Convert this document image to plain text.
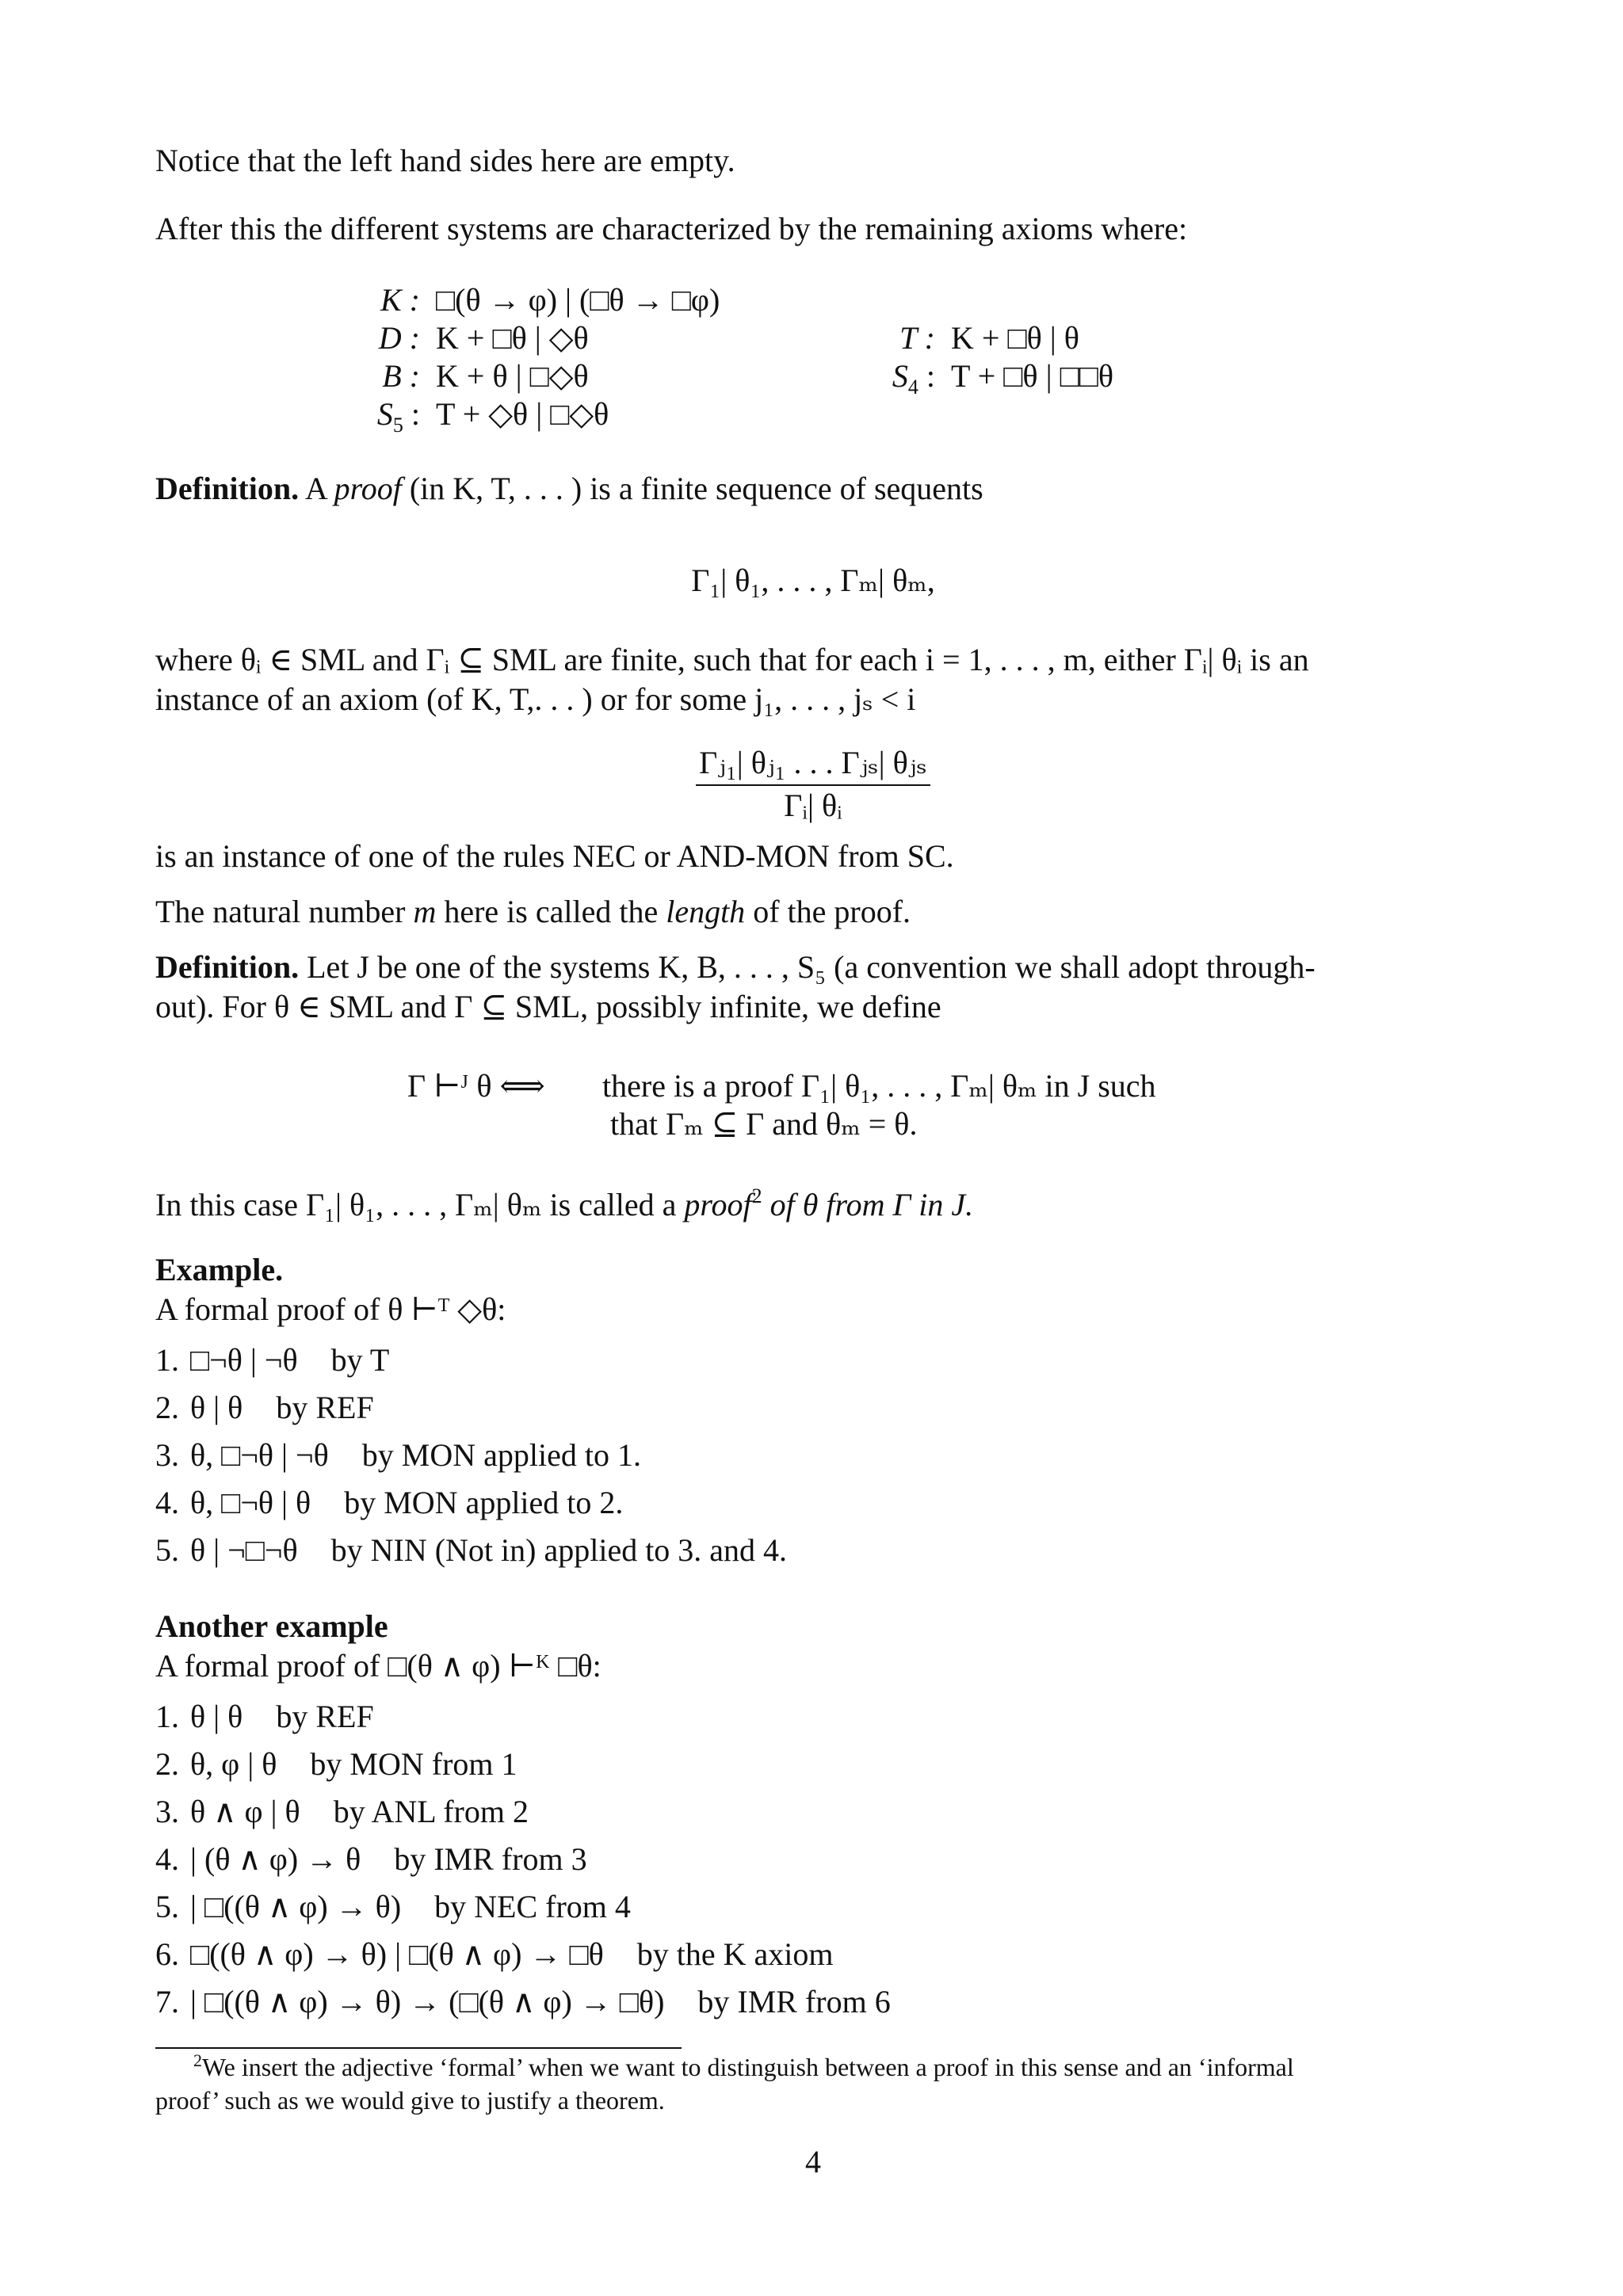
Notice that the left hand sides here are empty.

After this the different systems are characterized by the remaining axioms where:

K : □(θ → φ) | (□θ → □φ)
D : K + □θ | ◇θ
B : K + θ | □◇θ
$S_5$ : T + ◇θ | □◇θ
T : K + □θ | θ
$S_4$ : T + □θ | □□θ

Definition. A proof (in K, T, . . . ) is a finite sequence of sequents

Γ₁| θ₁, . . . , Γₘ| θₘ,

where θᵢ ∈ SML and Γᵢ ⊆ SML are finite, such that for each i = 1, . . . , m, either Γᵢ| θᵢ is an

instance of an axiom (of K, T,. . . ) or for some j₁, . . . , jₛ < i

Γⱼ₁| θⱼ₁ . . . Γⱼₛ| θⱼₛ
Γᵢ| θᵢ

is an instance of one of the rules NEC or AND-MON from SC.

The natural number m here is called the length of the proof.

Definition. Let J be one of the systems K, B, . . . , S₅ (a convention we shall adopt through-

out). For θ ∈ SML and Γ ⊆ SML, possibly infinite, we define

Γ ⊢ᴶ θ ⟺ there is a proof Γ₁| θ₁, . . . , Γₘ| θₘ in J such
that Γₘ ⊆ Γ and θₘ = θ.

In this case Γ₁| θ₁, . . . , Γₘ| θₘ is called a proof$^2$ of θ from Γ in J.

Example.

A formal proof of θ ⊢ᵀ ◇θ:

1. □¬θ | ¬θ by T
2. θ | θ by REF
3. θ, □¬θ | ¬θ by MON applied to 1.
4. θ, □¬θ | θ by MON applied to 2.
5. θ | ¬□¬θ by NIN (Not in) applied to 3. and 4.

Another example

A formal proof of □(θ ∧ φ) ⊢ᴷ □θ:

1. θ | θ by REF
2. θ, φ | θ by MON from 1
3. θ ∧ φ | θ by ANL from 2
4. | (θ ∧ φ) → θ by IMR from 3
5. | □((θ ∧ φ) → θ) by NEC from 4
6. □((θ ∧ φ) → θ) | □(θ ∧ φ) → □θ by the K axiom
7. | □((θ ∧ φ) → θ) → (□(θ ∧ φ) → □θ) by IMR from 6
$^2$We insert the adjective ‘formal’ when we want to distinguish between a proof in this sense and an ‘informal
proof’ such as we would give to justify a theorem.
4
